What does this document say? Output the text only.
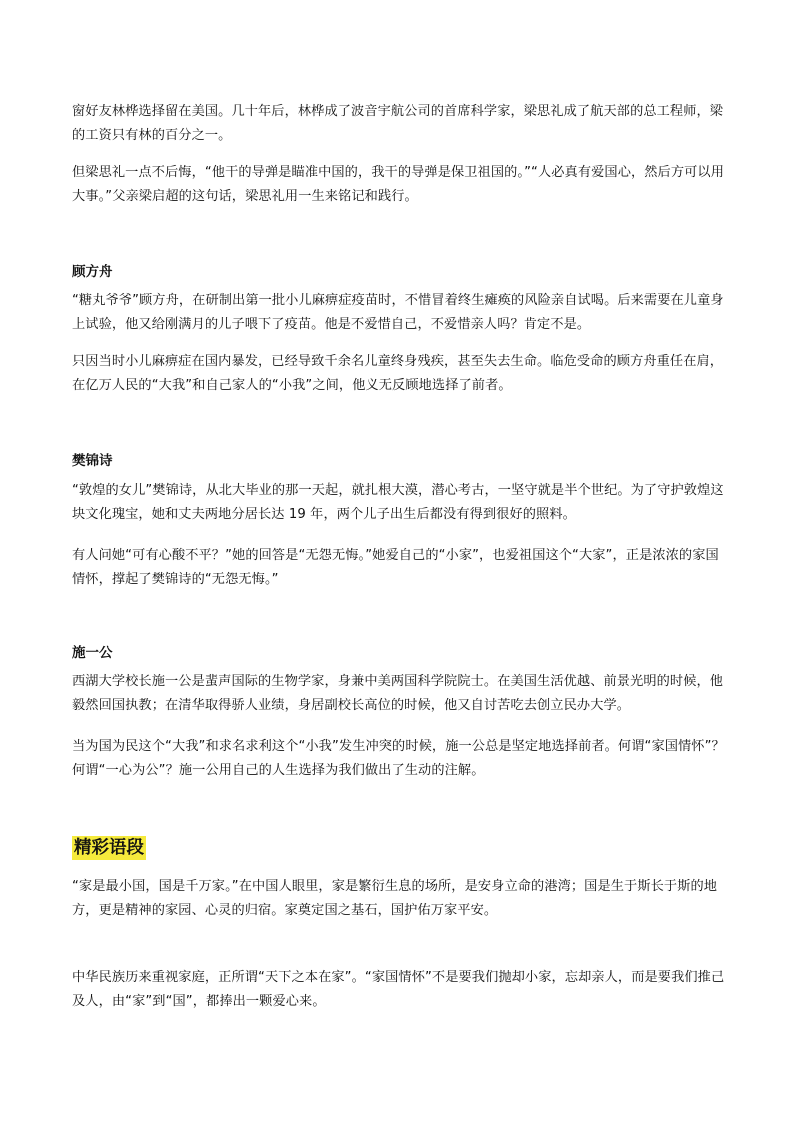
窗好友林桦选择留在美国。几十年后，林桦成了波音宇航公司的首席科学家，梁思礼成了航天部的总工程师，梁的工资只有林的百分之一。
但梁思礼一点不后悔，“他干的导弹是瞄准中国的，我干的导弹是保卫祖国的。”“人必真有爱国心，然后方可以用大事。”父亲梁启超的这句话，梁思礼用一生来铭记和践行。
顾方舟
“糖丸爷爷”顾方舟，在研制出第一批小儿麻痹症疫苗时，不惜冒着终生瘫痪的风险亲自试喝。后来需要在儿童身上试验，他又给刚满月的儿子喂下了疫苗。他是不爱惜自己，不爱惜亲人吗？肯定不是。
只因当时小儿麻痹症在国内暴发，已经导致千余名儿童终身残疾，甚至失去生命。临危受命的顾方舟重任在肩，在亿万人民的“大我”和自己家人的“小我”之间，他义无反顾地选择了前者。
樊锦诗
“敦煌的女儿”樊锦诗，从北大毕业的那一天起，就扎根大漠，潜心考古，一坚守就是半个世纪。为了守护敦煌这块文化瑰宝，她和丈夫两地分居长达 19 年，两个儿子出生后都没有得到很好的照料。
有人问她“可有心酸不平？”她的回答是“无怨无悔。”她爱自己的“小家”，也爱祖国这个“大家”，正是浓浓的家国情怀，撑起了樊锦诗的“无怨无悔。”
施一公
西湖大学校长施一公是蜚声国际的生物学家，身兼中美两国科学院院士。在美国生活优越、前景光明的时候，他毅然回国执教；在清华取得骄人业绩，身居副校长高位的时候，他又自讨苦吃去创立民办大学。
当为国为民这个“大我”和求名求利这个“小我”发生冲突的时候，施一公总是坚定地选择前者。何谓“家国情怀”？何谓“一心为公”？施一公用自己的人生选择为我们做出了生动的注解。
精彩语段
“家是最小国，国是千万家。”在中国人眼里，家是繁衍生息的场所，是安身立命的港湾；国是生于斯长于斯的地方，更是精神的家园、心灵的归宿。家奠定国之基石，国护佑万家平安。
中华民族历来重视家庭，正所谓“天下之本在家”。“家国情怀”不是要我们抛却小家，忘却亲人，而是要我们推己及人，由“家”到“国”，都捧出一颗爱心来。
